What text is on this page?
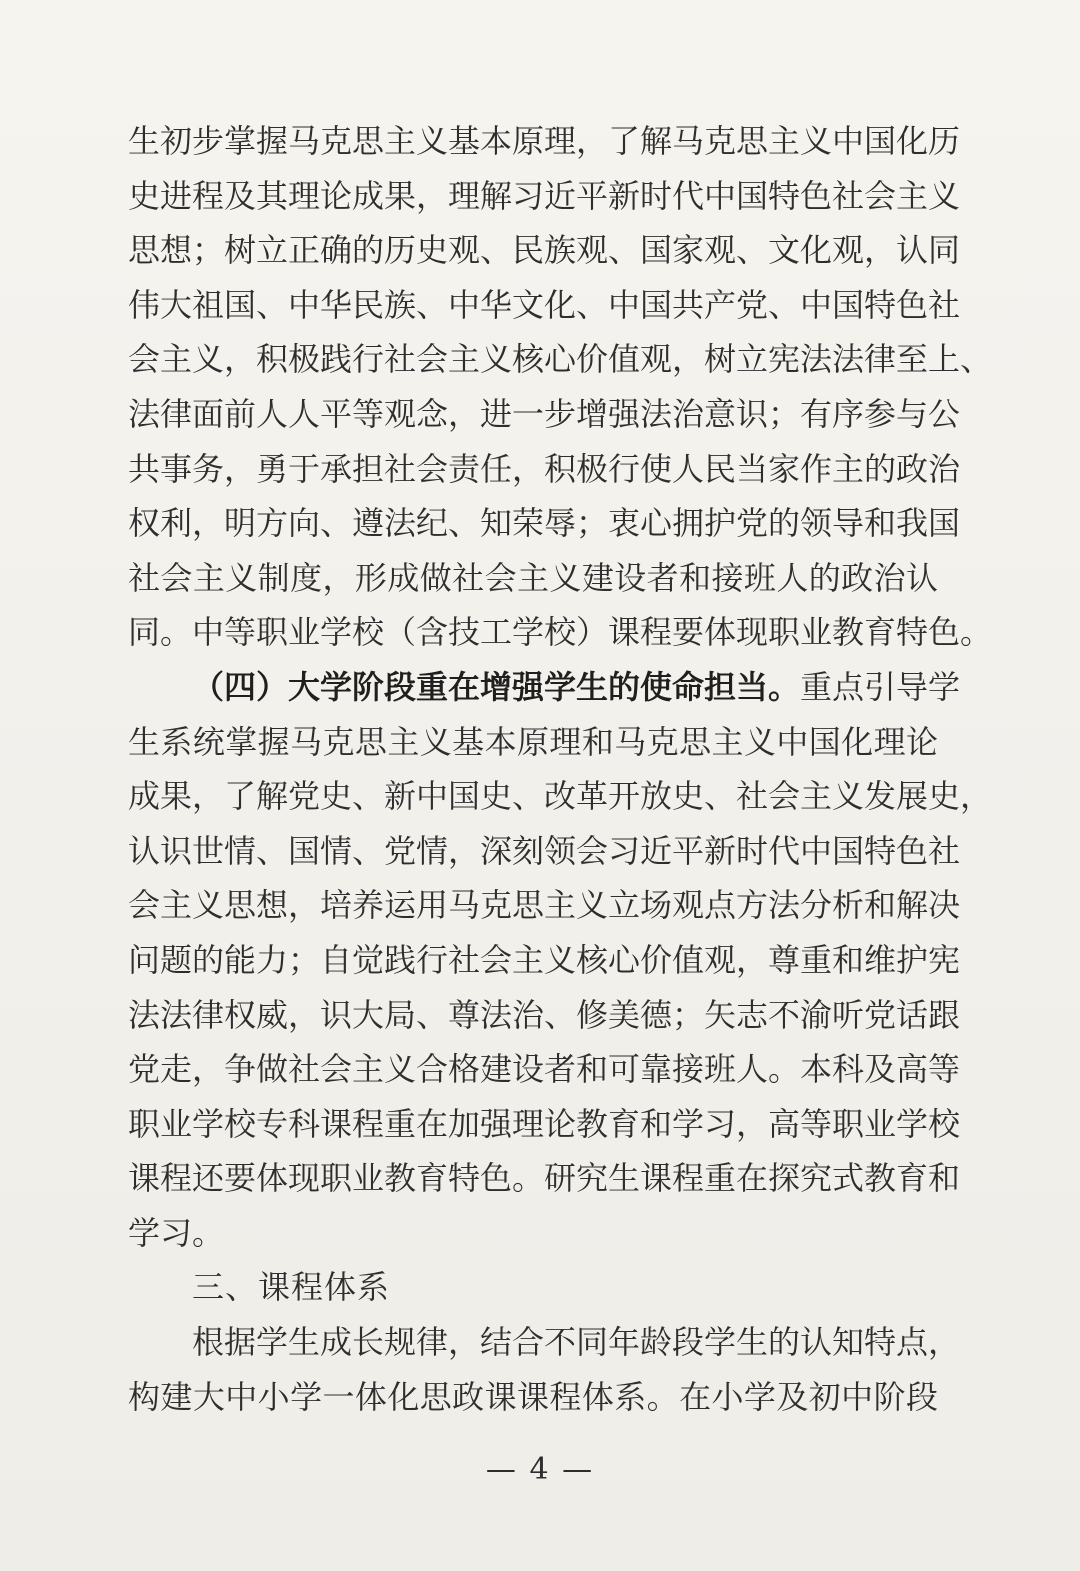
生初步掌握马克思主义基本原理，了解马克思主义中国化历
史进程及其理论成果，理解习近平新时代中国特色社会主义
思想；树立正确的历史观、民族观、国家观、文化观，认同
伟大祖国、中华民族、中华文化、中国共产党、中国特色社
会主义，积极践行社会主义核心价值观，树立宪法法律至上、
法律面前人人平等观念，进一步增强法治意识；有序参与公
共事务，勇于承担社会责任，积极行使人民当家作主的政治
权利，明方向、遵法纪、知荣辱；衷心拥护党的领导和我国
社会主义制度，形成做社会主义建设者和接班人的政治认
同。中等职业学校（含技工学校）课程要体现职业教育特色。
（四）大学阶段重在增强学生的使命担当。重点引导学
生系统掌握马克思主义基本原理和马克思主义中国化理论
成果，了解党史、新中国史、改革开放史、社会主义发展史，
认识世情、国情、党情，深刻领会习近平新时代中国特色社
会主义思想，培养运用马克思主义立场观点方法分析和解决
问题的能力；自觉践行社会主义核心价值观，尊重和维护宪
法法律权威，识大局、尊法治、修美德；矢志不渝听党话跟
党走，争做社会主义合格建设者和可靠接班人。本科及高等
职业学校专科课程重在加强理论教育和学习，高等职业学校
课程还要体现职业教育特色。研究生课程重在探究式教育和
学习。
三、课程体系
根据学生成长规律，结合不同年龄段学生的认知特点，
构建大中小学一体化思政课课程体系。在小学及初中阶段
— 4 —
